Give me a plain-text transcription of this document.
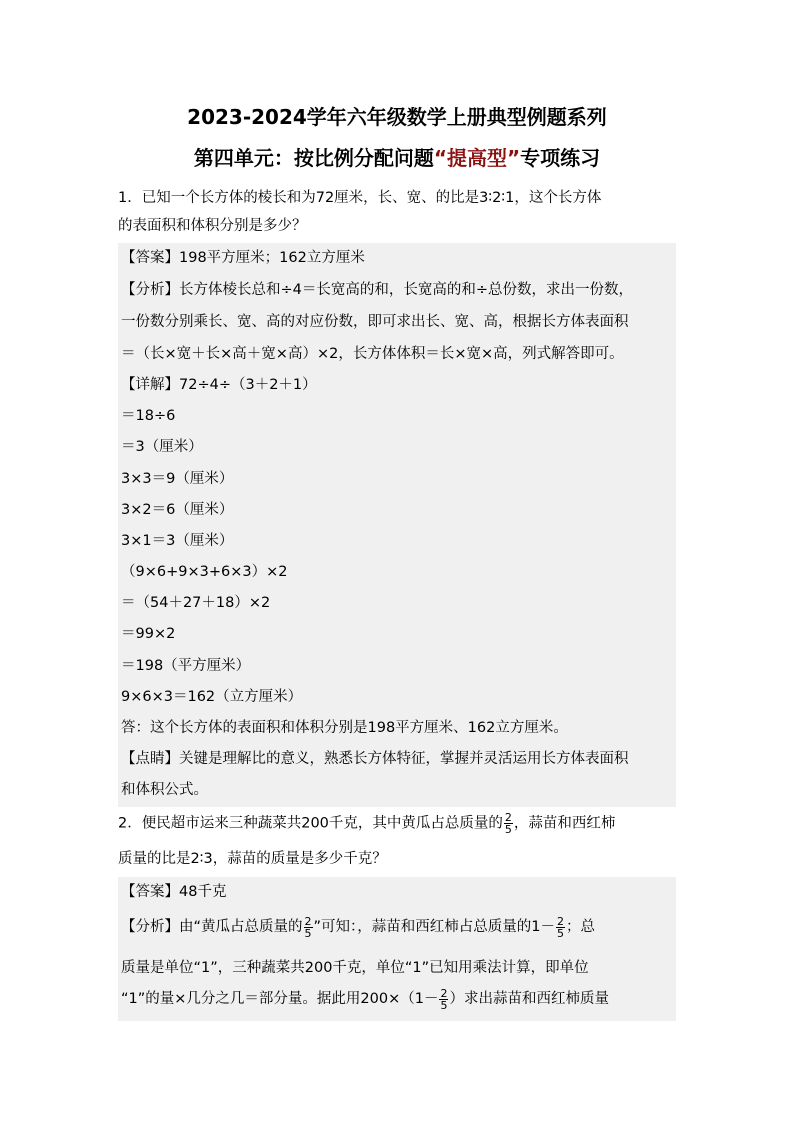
2023-2024学年六年级数学上册典型例题系列
第四单元：按比例分配问题“提高型”专项练习
1．已知一个长方体的棱长和为72厘米，长、宽、的比是3∶2∶1，这个长方体
的表面积和体积分别是多少？
【答案】198平方厘米；162立方厘米
【分析】长方体棱长总和÷4＝长宽高的和，长宽高的和÷总份数，求出一份数，
一份数分别乘长、宽、高的对应份数，即可求出长、宽、高，根据长方体表面积
＝（长×宽＋长×高＋宽×高）×2，长方体体积＝长×宽×高，列式解答即可。
【详解】72÷4÷（3＋2＋1）
＝18÷6
＝3（厘米）
3×3＝9（厘米）
3×2＝6（厘米）
3×1＝3（厘米）
（9×6+9×3+6×3）×2
＝（54＋27＋18）×2
＝99×2
＝198（平方厘米）
9×6×3＝162（立方厘米）
答：这个长方体的表面积和体积分别是198平方厘米、162立方厘米。
【点睛】关键是理解比的意义，熟悉长方体特征，掌握并灵活运用长方体表面积
和体积公式。
2．便民超市运来三种蔬菜共200千克，其中黄瓜占总质量的 $\frac{2}{5}$ ，蒜苗和西红柿
质量的比是2∶3，蒜苗的质量是多少千克？
【答案】48千克
【分析】由“黄瓜占总质量的 $\frac{2}{5}$ ”可知：，蒜苗和西红柿占总质量的$1- \frac{2}{5}$ ；总
质量是单位“1”，三种蔬菜共200千克，单位“1”已知用乘法计算，即单位
“1”的量×几分之几＝部分量。据此用$200\times(1- \frac{2}{5}$ ）求出蒜苗和西红柿质量
